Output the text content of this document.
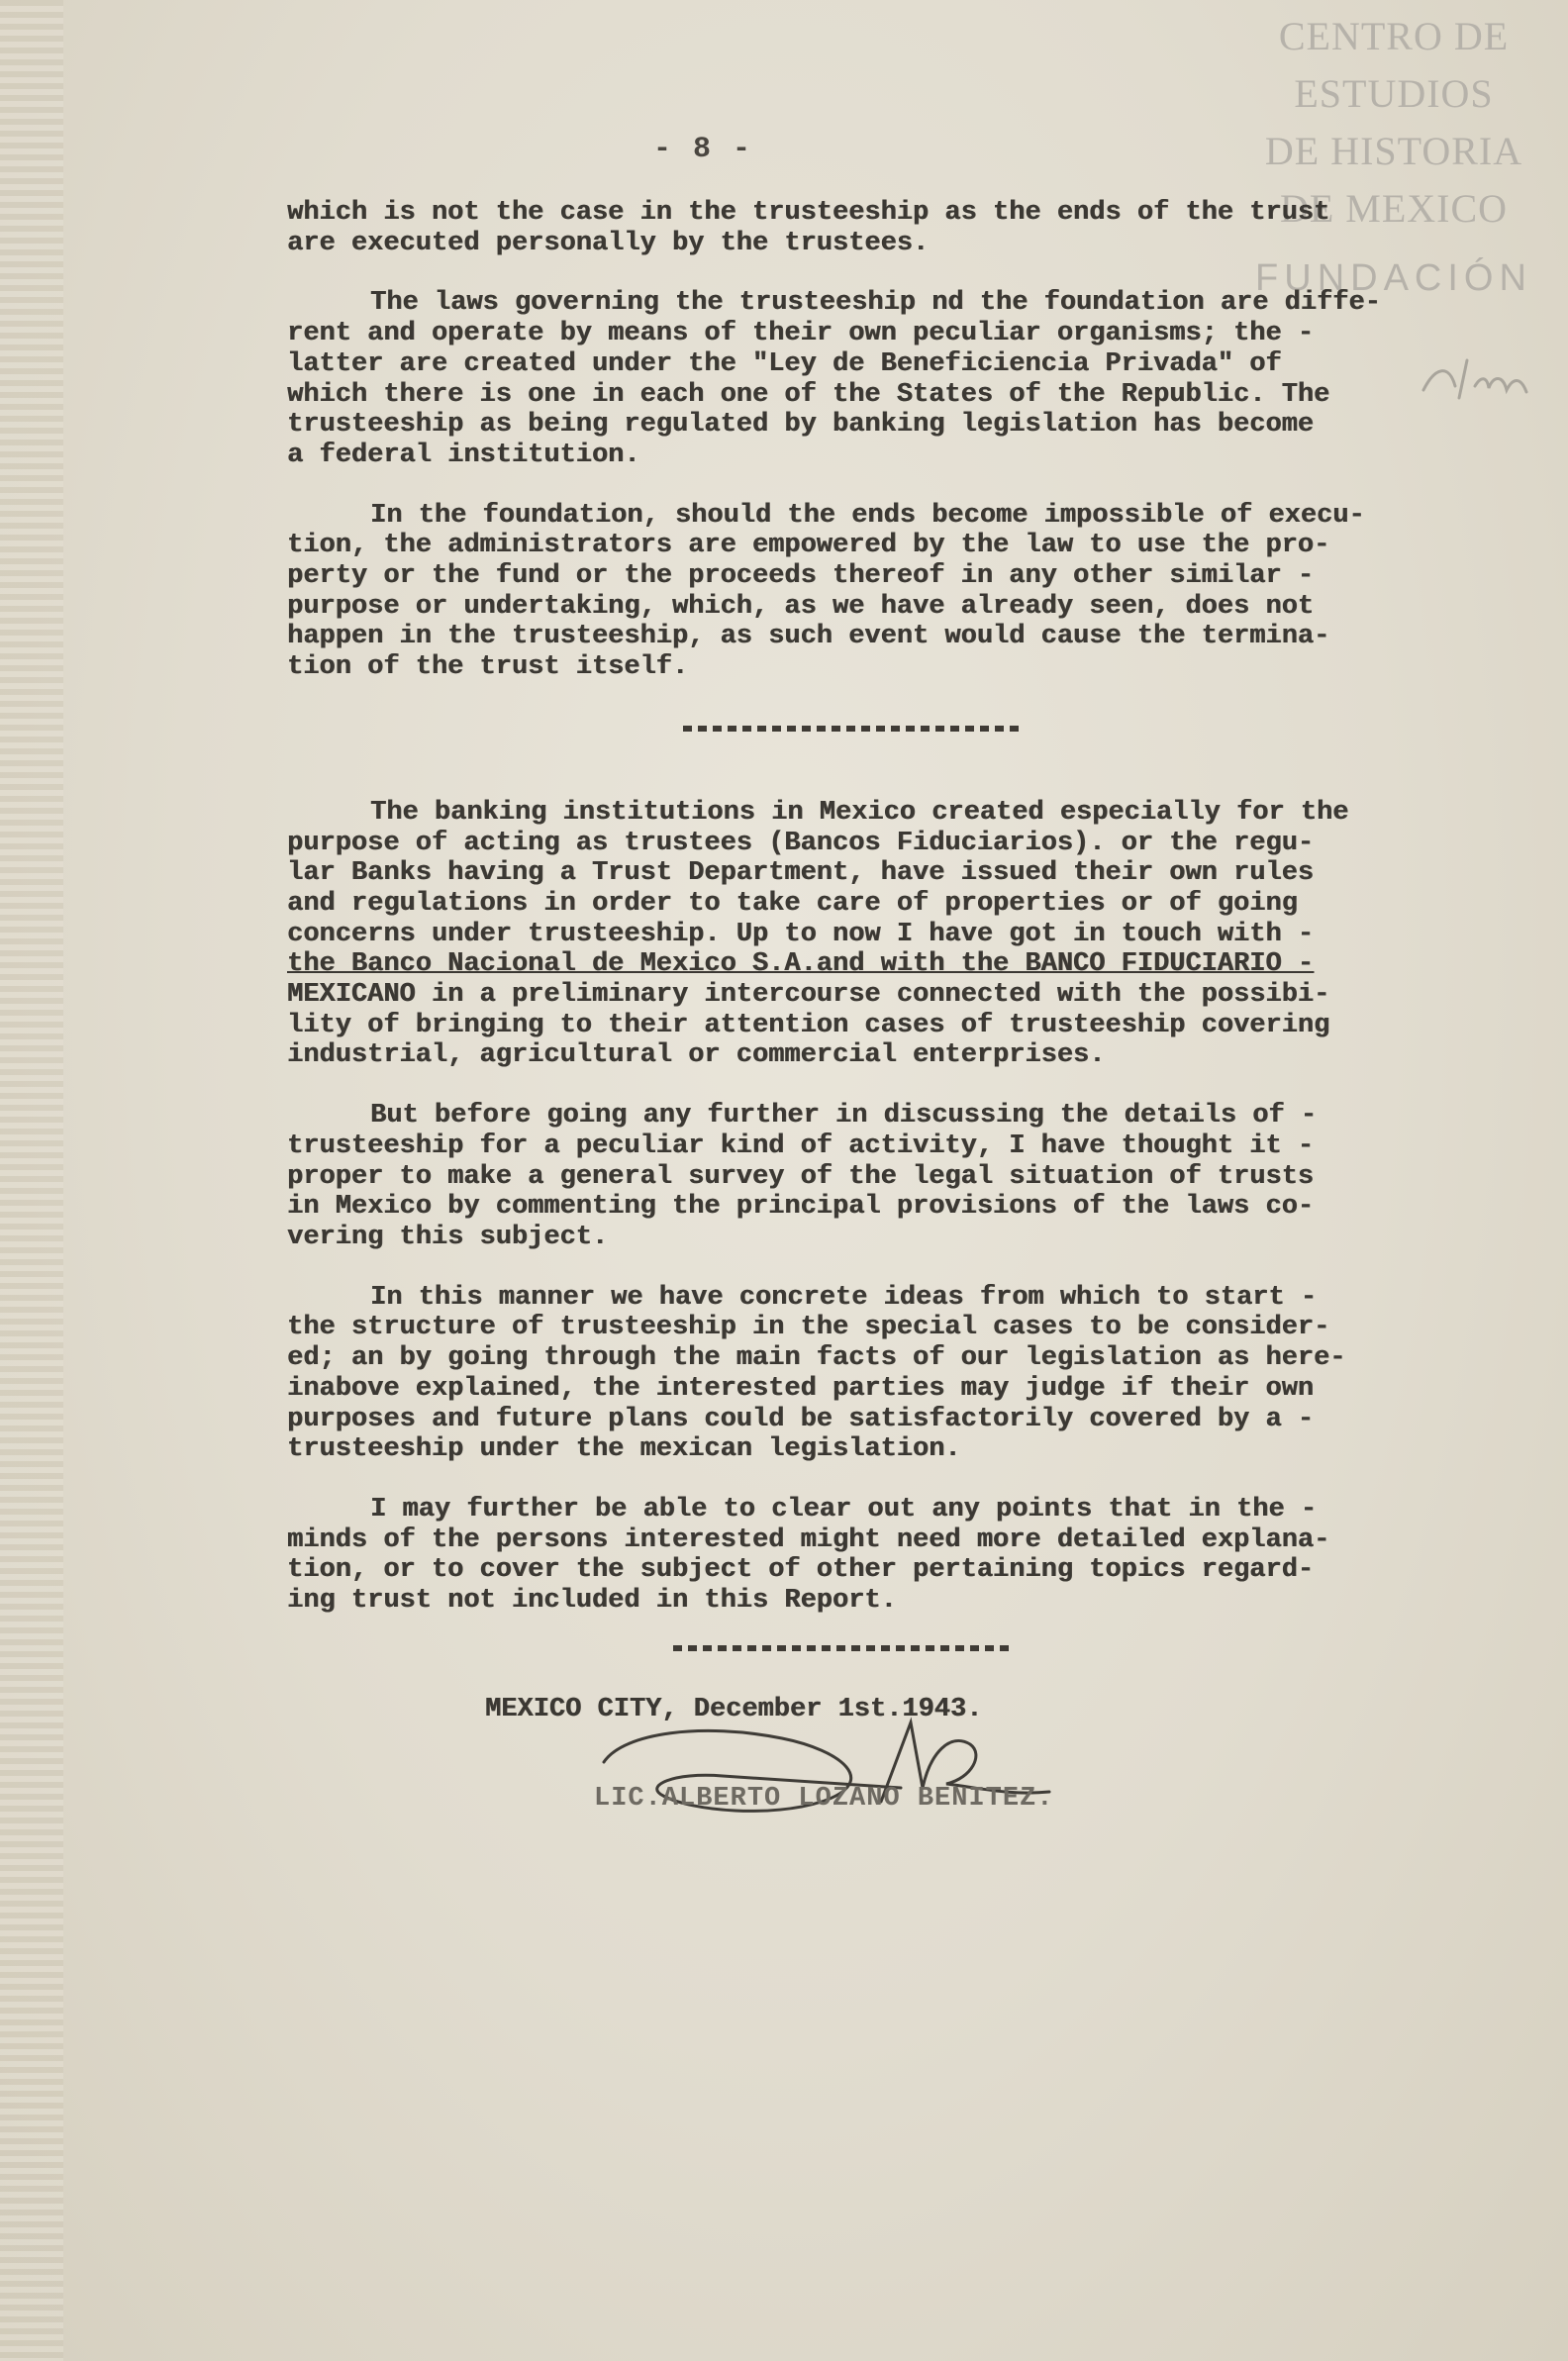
CENTRO DE
ESTUDIOS
DE HISTORIA
DE MEXICO
FUNDACIÓN
- 8 -

which is not the case in the trusteeship as the ends of the trust
are executed personally by the trustees.

The laws governing the trusteeship nd the foundation are diffe-
rent and operate by means of their own peculiar organisms; the -
latter are created under the "Ley de Beneficiencia Privada" of
which there is one in each one of the States of the Republic. The
trusteeship as being regulated by banking legislation has become
a federal institution.

In the foundation, should the ends become impossible of execu-
tion, the administrators are empowered by the law to use the pro-
perty or the fund or the proceeds thereof in any other similar -
purpose or undertaking, which, as we have already seen, does not
happen in the trusteeship, as such event would cause the termina-
tion of the trust itself.

The banking institutions in Mexico created especially for the
purpose of acting as trustees (Bancos Fiduciarios). or the regu-
lar Banks having a Trust Department, have issued their own rules
and regulations in order to take care of properties or of going
concerns under trusteeship. Up to now I have got in touch with -
the Banco Nacional de Mexico S.A.and with the BANCO FIDUCIARIO -
MEXICANO in a preliminary intercourse connected with the possibi-
lity of bringing to their attention cases of trusteeship covering
industrial, agricultural or commercial enterprises.

But before going any further in discussing the details of -
trusteeship for a peculiar kind of activity, I have thought it -
proper to make a general survey of the legal situation of trusts
in Mexico by commenting the principal provisions of the laws co-
vering this subject.

In this manner we have concrete ideas from which to start -
the structure of trusteeship in the special cases to be consider-
ed; an by going through the main facts of our legislation as here-
inabove explained, the interested parties may judge if their own
purposes and future plans could be satisfactorily covered by a -
trusteeship under the mexican legislation.

I may further be able to clear out any points that in the -
minds of the persons interested might need more detailed explana-
tion, or to cover the subject of other pertaining topics regard-
ing trust not included in this Report.

MEXICO CITY, December 1st.1943.
LIC.ALBERTO LOZANO BENITEZ.
